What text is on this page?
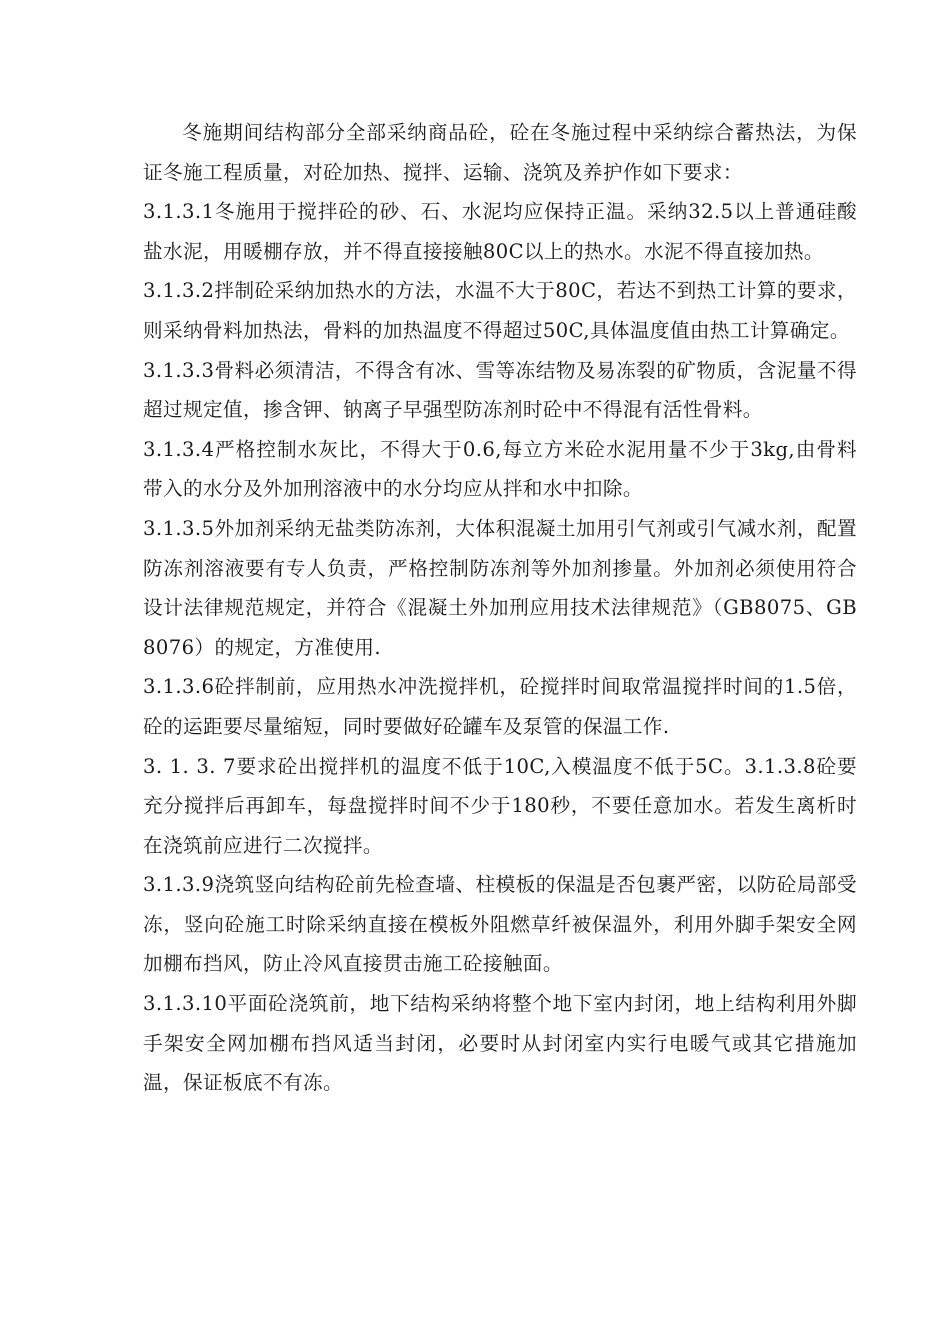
冬施期间结构部分全部采纳商品砼，砼在冬施过程中采纳综合蓄热法，为保证冬施工程质量，对砼加热、搅拌、运输、浇筑及养护作如下要求：

3.1.3.1冬施用于搅拌砼的砂、石、水泥均应保持正温。采纳32.5以上普通硅酸盐水泥，用暖棚存放，并不得直接接触80C以上的热水。水泥不得直接加热。

3.1.3.2拌制砼采纳加热水的方法，水温不大于80C，若达不到热工计算的要求，则采纳骨料加热法，骨料的加热温度不得超过50C,具体温度值由热工计算确定。

3.1.3.3骨料必须清洁，不得含有冰、雪等冻结物及易冻裂的矿物质，含泥量不得超过规定值，掺含钾、钠离子早强型防冻剂时砼中不得混有活性骨料。

3.1.3.4严格控制水灰比，不得大于0.6,每立方米砼水泥用量不少于3kg,由骨料带入的水分及外加刑溶液中的水分均应从拌和水中扣除。

3.1.3.5外加剂采纳无盐类防冻剂，大体积混凝土加用引气剂或引气减水剂，配置防冻剂溶液要有专人负责，严格控制防冻剂等外加剂掺量。外加剂必须使用符合设计法律规范规定，并符合《混凝土外加刑应用技术法律规范》（GB8075、GB8076）的规定，方准使用.

3.1.3.6砼拌制前，应用热水冲洗搅拌机，砼搅拌时间取常温搅拌时间的1.5倍，砼的运距要尽量缩短，同时要做好砼罐车及泵管的保温工作.

3. 1. 3. 7要求砼出搅拌机的温度不低于10C,入模温度不低于5C。3.1.3.8砼要充分搅拌后再卸车，每盘搅拌时间不少于180秒，不要任意加水。若发生离析时在浇筑前应进行二次搅拌。

3.1.3.9浇筑竖向结构砼前先检查墙、柱模板的保温是否包裹严密，以防砼局部受冻，竖向砼施工时除采纳直接在模板外阻燃草纤被保温外，利用外脚手架安全网加棚布挡风，防止冷风直接贯击施工砼接触面。

3.1.3.10平面砼浇筑前，地下结构采纳将整个地下室内封闭，地上结构利用外脚手架安全网加棚布挡风适当封闭，必要时从封闭室内实行电暖气或其它措施加温，保证板底不有冻。
